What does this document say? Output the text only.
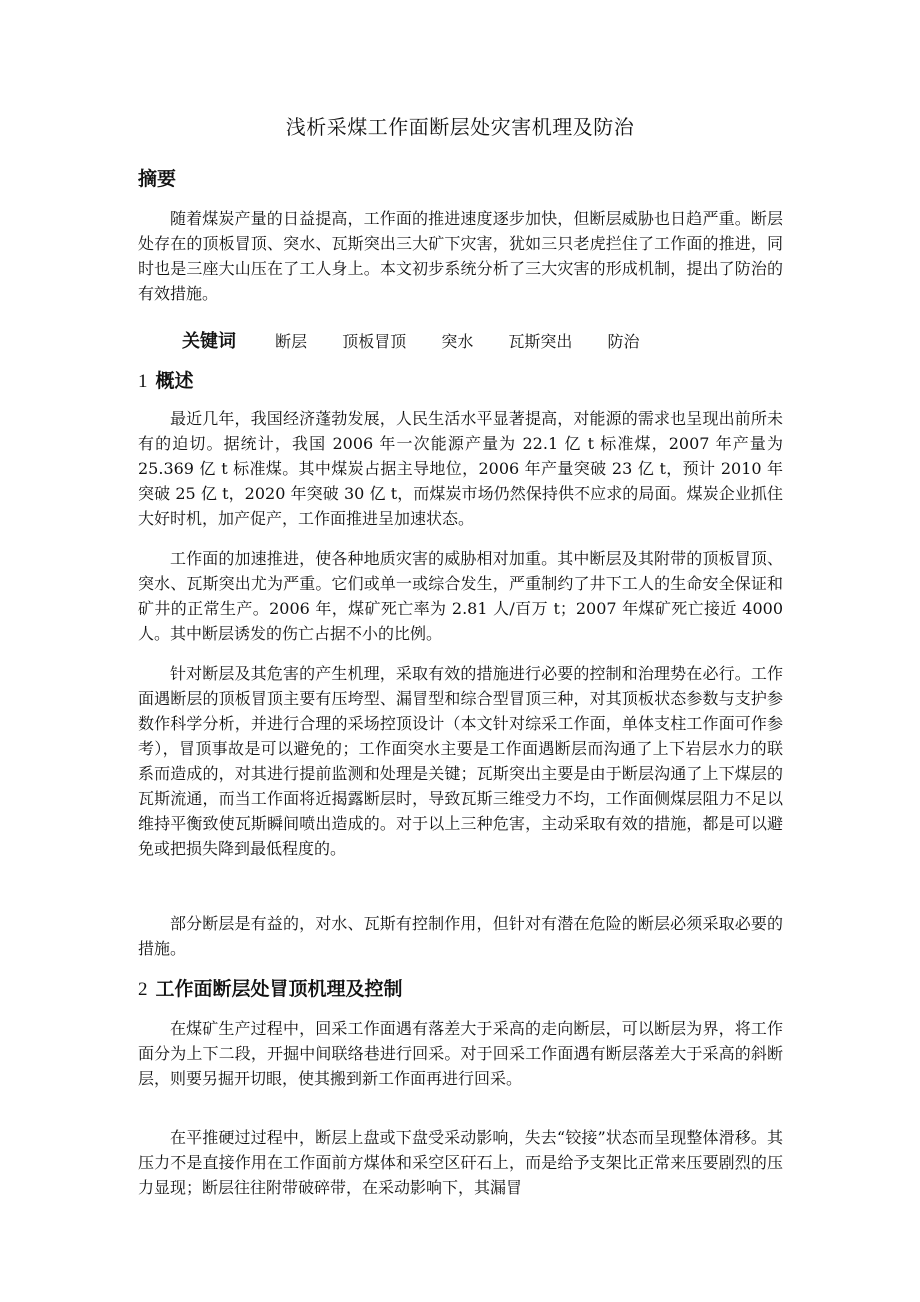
浅析采煤工作面断层处灾害机理及防治
摘要

随着煤炭产量的日益提高，工作面的推进速度逐步加快，但断层威胁也日趋严重。断层处存在的顶板冒顶、突水、瓦斯突出三大矿下灾害，犹如三只老虎拦住了工作面的推进，同时也是三座大山压在了工人身上。本文初步系统分析了三大灾害的形成机制，提出了防治的有效措施。

关键词 断层 顶板冒顶 突水 瓦斯突出 防治
1 概述

最近几年，我国经济蓬勃发展，人民生活水平显著提高，对能源的需求也呈现出前所未有的迫切。据统计，我国 2006 年一次能源产量为 22.1 亿 t 标准煤，2007 年产量为 25.369 亿 t 标准煤。其中煤炭占据主导地位，2006 年产量突破 23 亿 t，预计 2010 年突破 25 亿 t，2020 年突破 30 亿 t，而煤炭市场仍然保持供不应求的局面。煤炭企业抓住大好时机，加产促产，工作面推进呈加速状态。

工作面的加速推进，使各种地质灾害的威胁相对加重。其中断层及其附带的顶板冒顶、突水、瓦斯突出尤为严重。它们或单一或综合发生，严重制约了井下工人的生命安全保证和矿井的正常生产。2006 年，煤矿死亡率为 2.81 人/百万 t；2007 年煤矿死亡接近 4000 人。其中断层诱发的伤亡占据不小的比例。

针对断层及其危害的产生机理，采取有效的措施进行必要的控制和治理势在必行。工作面遇断层的顶板冒顶主要有压垮型、漏冒型和综合型冒顶三种，对其顶板状态参数与支护参数作科学分析，并进行合理的采场控顶设计（本文针对综采工作面，单体支柱工作面可作参考），冒顶事故是可以避免的；工作面突水主要是工作面遇断层而沟通了上下岩层水力的联系而造成的，对其进行提前监测和处理是关键；瓦斯突出主要是由于断层沟通了上下煤层的瓦斯流通，而当工作面将近揭露断层时，导致瓦斯三维受力不均，工作面侧煤层阻力不足以维持平衡致使瓦斯瞬间喷出造成的。对于以上三种危害，主动采取有效的措施，都是可以避免或把损失降到最低程度的。

部分断层是有益的，对水、瓦斯有控制作用，但针对有潜在危险的断层必须采取必要的措施。

2 工作面断层处冒顶机理及控制

在煤矿生产过程中，回采工作面遇有落差大于采高的走向断层，可以断层为界，将工作面分为上下二段，开掘中间联络巷进行回采。对于回采工作面遇有断层落差大于采高的斜断层，则要另掘开切眼，使其搬到新工作面再进行回采。

在平推硬过过程中，断层上盘或下盘受采动影响，失去“铰接”状态而呈现整体滑移。其压力不是直接作用在工作面前方煤体和采空区矸石上，而是给予支架比正常来压要剧烈的压力显现；断层往往附带破碎带，在采动影响下，其漏冒
